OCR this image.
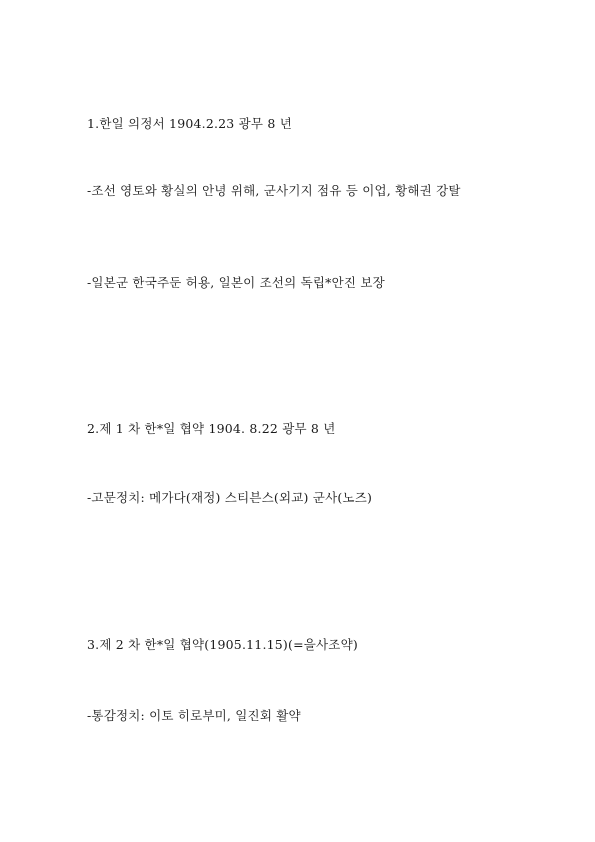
1.한일 의정서 1904.2.23 광무 8 년
-조선 영토와 황실의 안녕 위해, 군사기지 점유 등 이업, 황해권 강탈
-일본군 한국주둔 허용, 일본이 조선의 독립*안진 보장
2.제 1 차 한*일 협약 1904. 8.22 광무 8 년
-고문정치: 메가다(재정) 스티븐스(외교) 군사(노즈)
3.제 2 차 한*일 협약(1905.11.15)(=을사조약)
-통감정치: 이토 히로부미, 일진회 활약
